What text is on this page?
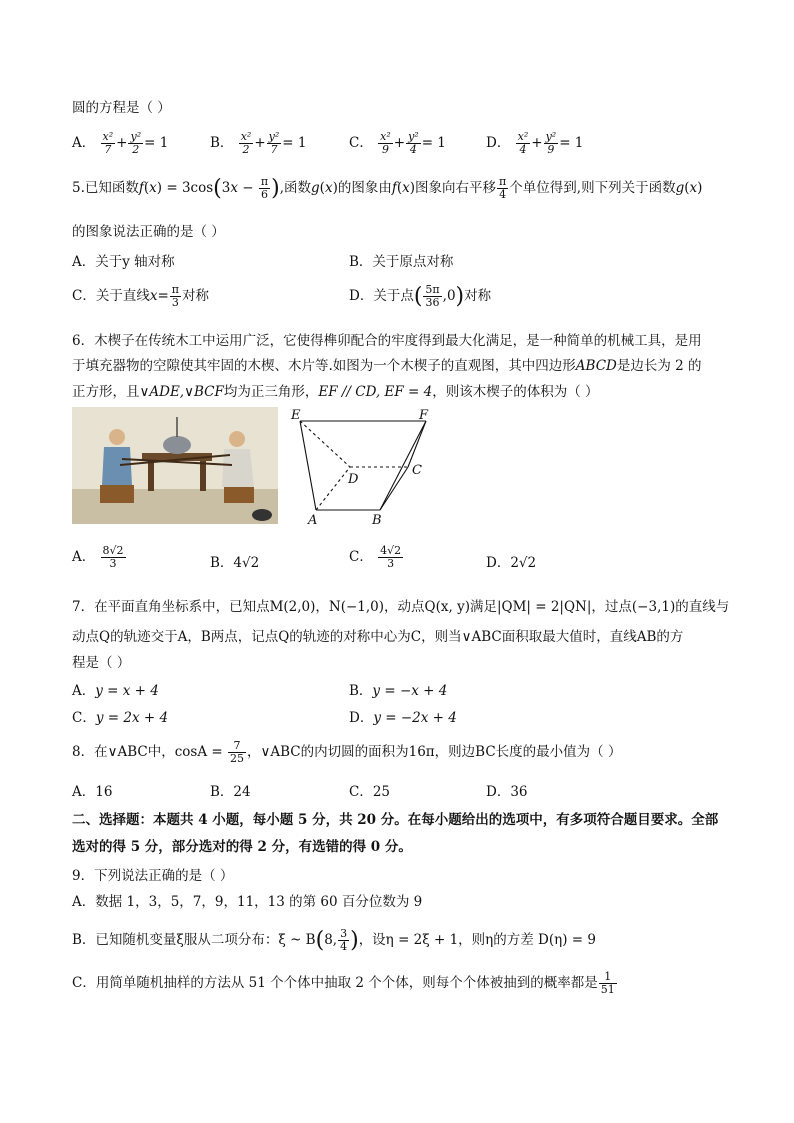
圆的方程是（ ）
A． $\frac{\text{x²}}{7} + \frac{\text{y²}}{2} = 1$	B． $\frac{\text{x²}}{2} + \frac{\text{y²}}{7} = 1$	C． $\frac{\text{x²}}{9} + \frac{\text{y²}}{4} = 1$	D． $\frac{\text{x²}}{4} + \frac{\text{y²}}{9} = 1$
5.已知函数$f(x) = 3\cos(3x - \frac{\pi}{6}$ ),函数g(x)的图象由f(x)图象向右平移 $\frac{\pi}{4}$ 个单位得到,则下列关于函数g(x)
的图象说法正确的是（ ）
A．关于y 轴对称	B．关于原点对称
C．关于直线$x= \frac{\pi}{3}$ 对称	D．关于点( $\frac{5\pi}{36} ,0$)对称
6．木楔子在传统木工中运用广泛，它使得榫卯配合的牢度得到最大化满足，是一种简单的机械工具，是用
于填充器物的空隙使其牢固的木楔、木片等.如图为一个木楔子的直观图，其中四边形ABCD是边长为 2 的
正方形，且∨ADE,∨BCF均为正三角形，EF // CD, EF = 4，则该木楔子的体积为（ ）
E	F
D
C
A	B
A． $\frac{8√2}{3}$	B．4√2	C． $\frac{4√2}{3}$	D．2√2
7．在平面直角坐标系中，已知点M(2,0)，N(−1,0)，动点Q(x, y)满足|QM| = 2|QN|，过点(−3,1)的直线与
动点Q的轨迹交于A，B两点，记点Q的轨迹的对称中心为C，则当∨ABC面积取最大值时，直线AB的方
程是（ ）
A．y = x + 4	B．y = −x + 4
C．y = 2x + 4	D．y = −2x + 4
8．在∨ABC中，$\cos A = \frac{7}{25}$ ，∨ABC的内切圆的面积为16π，则边BC长度的最小值为（ ）
A．16	B．24	C．25	D．36
二、选择题：本题共 4 小题，每小题 5 分，共 20 分。在每小题给出的选项中，有多项符合题目要求。全部
选对的得 5 分，部分选对的得 2 分，有选错的得 0 分。
9．下列说法正确的是（ ）
A．数据 1，3，5，7，9，11，13 的第 60 百分位数为 9
B．已知随机变量ξ服从二项分布：ξ ~ B(8, $\frac{3}{4}$ )，设η = 2ξ + 1，则η的方差 D(η) = 9
C．用简单随机抽样的方法从 51 个个体中抽取 2 个个体，则每个个体被抽到的概率都是 $\frac{1}{51}$
